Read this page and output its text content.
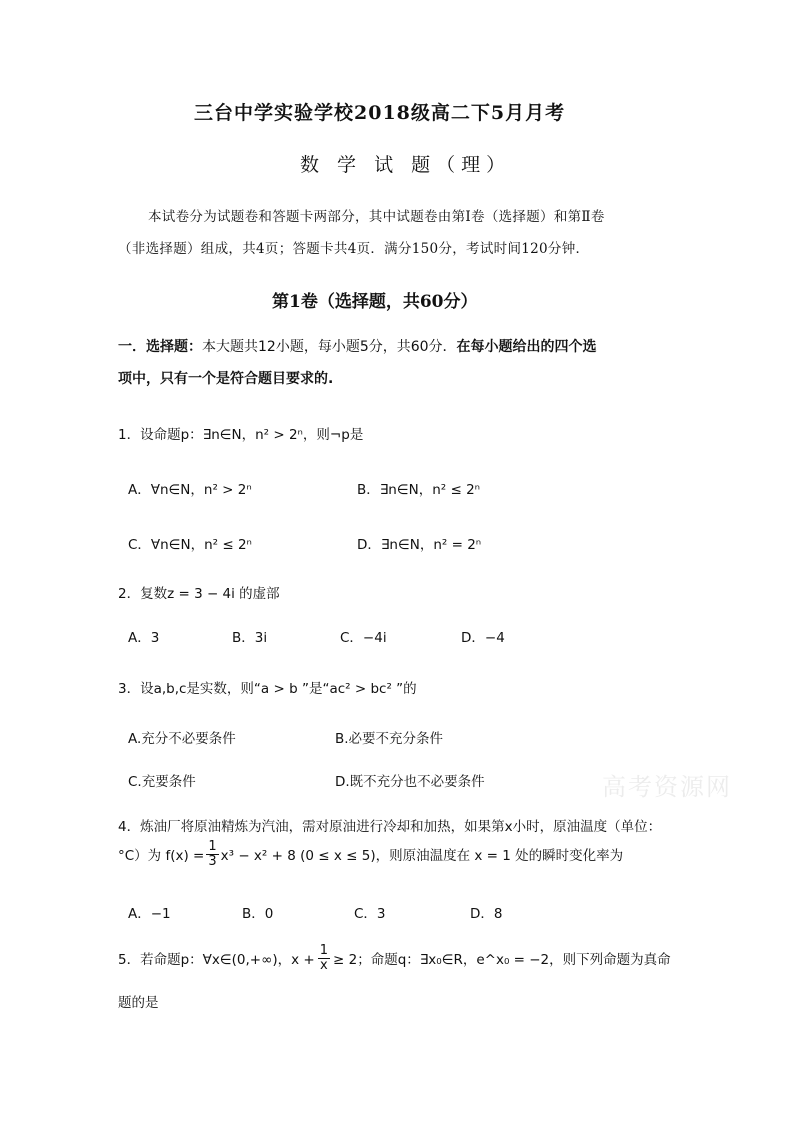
三台中学实验学校2018级高二下5月月考
数 学 试 题（理）
本试卷分为试题卷和答题卡两部分，其中试题卷由第Ⅰ卷（选择题）和第Ⅱ卷
（非选择题）组成，共4页；答题卡共4页．满分150分，考试时间120分钟．
第1卷（选择题，共60分）
一．选择题：本大题共12小题，每小题5分，共60分．在每小题给出的四个选
项中，只有一个是符合题目要求的.
1．设命题p：∃n∈N，n² > 2ⁿ，则¬p是
A．∀n∈N，n² > 2ⁿ	B．∃n∈N，n² ≤ 2ⁿ
C．∀n∈N，n² ≤ 2ⁿ	D．∃n∈N，n² = 2ⁿ
2．复数z = 3 − 4i 的虚部
A．3	B．3i	C．−4i	D．−4
3．设a,b,c是实数，则“a > b ”是“ac² > bc² ”的
A.充分不必要条件	B.必要不充分条件
C.充要条件	D.既不充分也不必要条件	高考资源网
4．炼油厂将原油精炼为汽油，需对原油进行冷却和加热，如果第x小时，原油温度（单位：
°C）为 $f(x) = \frac{1}{3} x^3 - x^2 + 8$ (0 ≤ x ≤ 5)，则原油温度在 x = 1 处的瞬时变化率为
A．−1	B．0	C．3	D．8
5．若命题p：∀x∈(0,+∞)，$x + \frac{1}{x} \ge 2$；命题q：∃x₀∈R，e^x₀ = −2，则下列命题为真命
题的是
